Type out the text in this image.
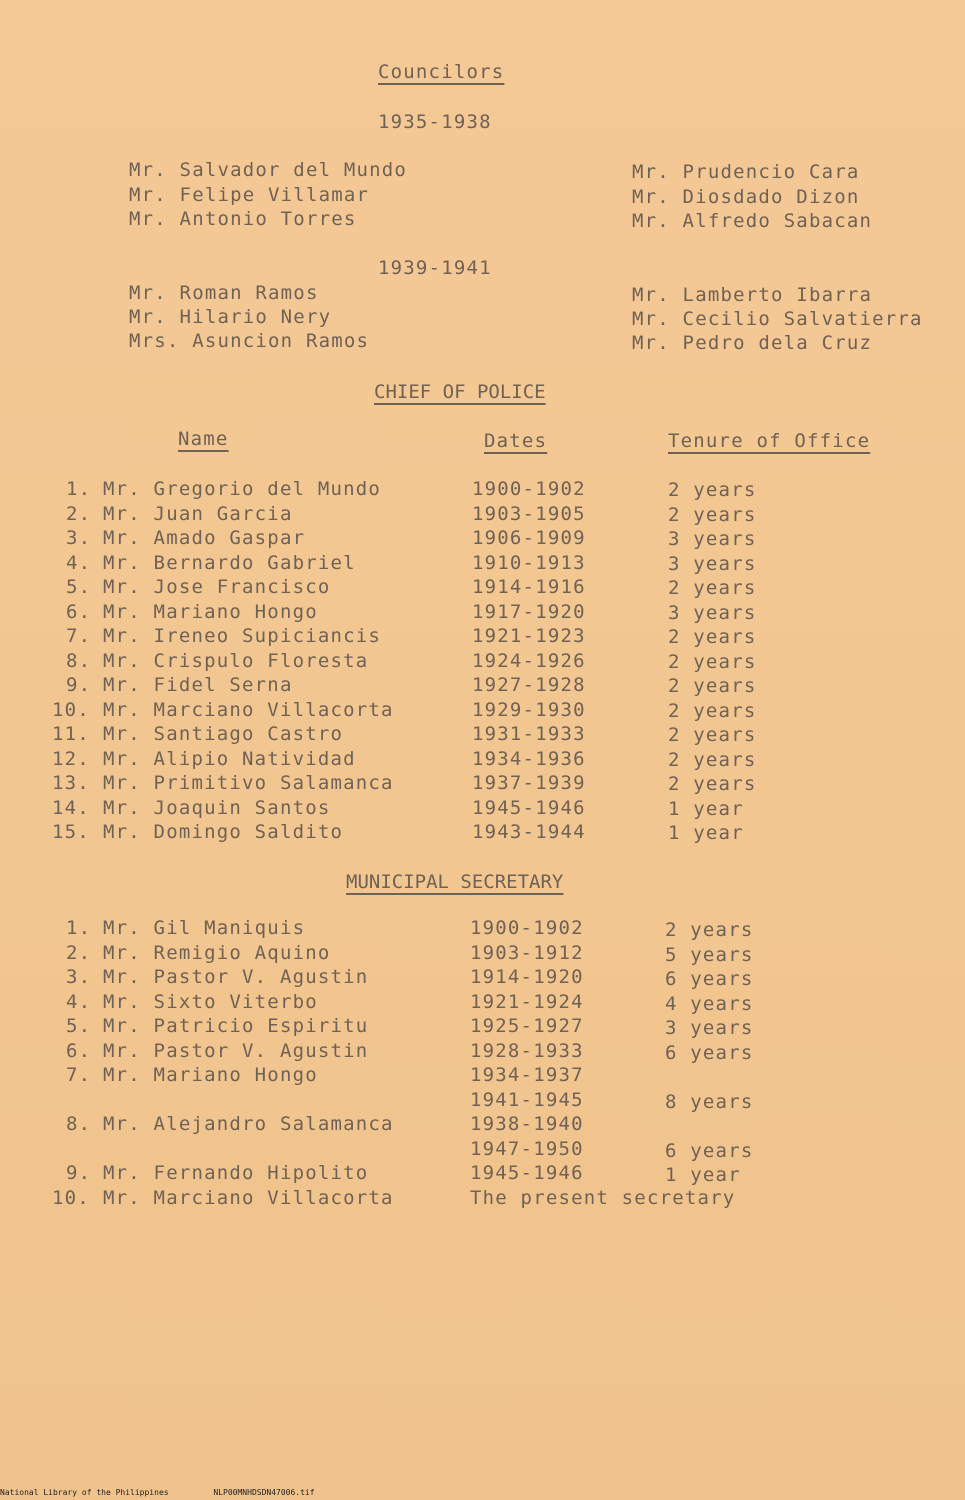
Councilors
1935-1938
Mr. Salvador del Mundo
Mr. Felipe Villamar
Mr. Antonio Torres
Mr. Prudencio Cara
Mr. Diosdado Dizon
Mr. Alfredo Sabacan
1939-1941
Mr. Roman Ramos
Mr. Hilario Nery
Mrs. Asuncion Ramos
Mr. Lamberto Ibarra
Mr. Cecilio Salvatierra
Mr. Pedro dela Cruz
CHIEF OF POLICE
Name	Dates	Tenure of Office
1. Mr. Gregorio del Mundo	1900-1902	2 years
2. Mr. Juan Garcia	1903-1905	2 years
3. Mr. Amado Gaspar	1906-1909	3 years
4. Mr. Bernardo Gabriel	1910-1913	3 years
5. Mr. Jose Francisco	1914-1916	2 years
6. Mr. Mariano Hongo	1917-1920	3 years
7. Mr. Ireneo Supiciancis	1921-1923	2 years
8. Mr. Crispulo Floresta	1924-1926	2 years
9. Mr. Fidel Serna	1927-1928	2 years
10. Mr. Marciano Villacorta	1929-1930	2 years
11. Mr. Santiago Castro	1931-1933	2 years
12. Mr. Alipio Natividad	1934-1936	2 years
13. Mr. Primitivo Salamanca	1937-1939	2 years
14. Mr. Joaquin Santos	1945-1946	1 year
15. Mr. Domingo Saldito	1943-1944	1 year
MUNICIPAL SECRETARY
1. Mr. Gil Maniquis	1900-1902	2 years
2. Mr. Remigio Aquino	1903-1912	5 years
3. Mr. Pastor V. Agustin	1914-1920	6 years
4. Mr. Sixto Viterbo	1921-1924	4 years
5. Mr. Patricio Espiritu	1925-1927	3 years
6. Mr. Pastor V. Agustin	1928-1933	6 years
7. Mr. Mariano Hongo	1934-1937
1941-1945	8 years
8. Mr. Alejandro Salamanca	1938-1940
1947-1950	6 years
9. Mr. Fernando Hipolito	1945-1946	1 year
10. Mr. Marciano Villacorta	The present secretary
National Library of the Philippines	NLP00MNHDSDN47006.tif
